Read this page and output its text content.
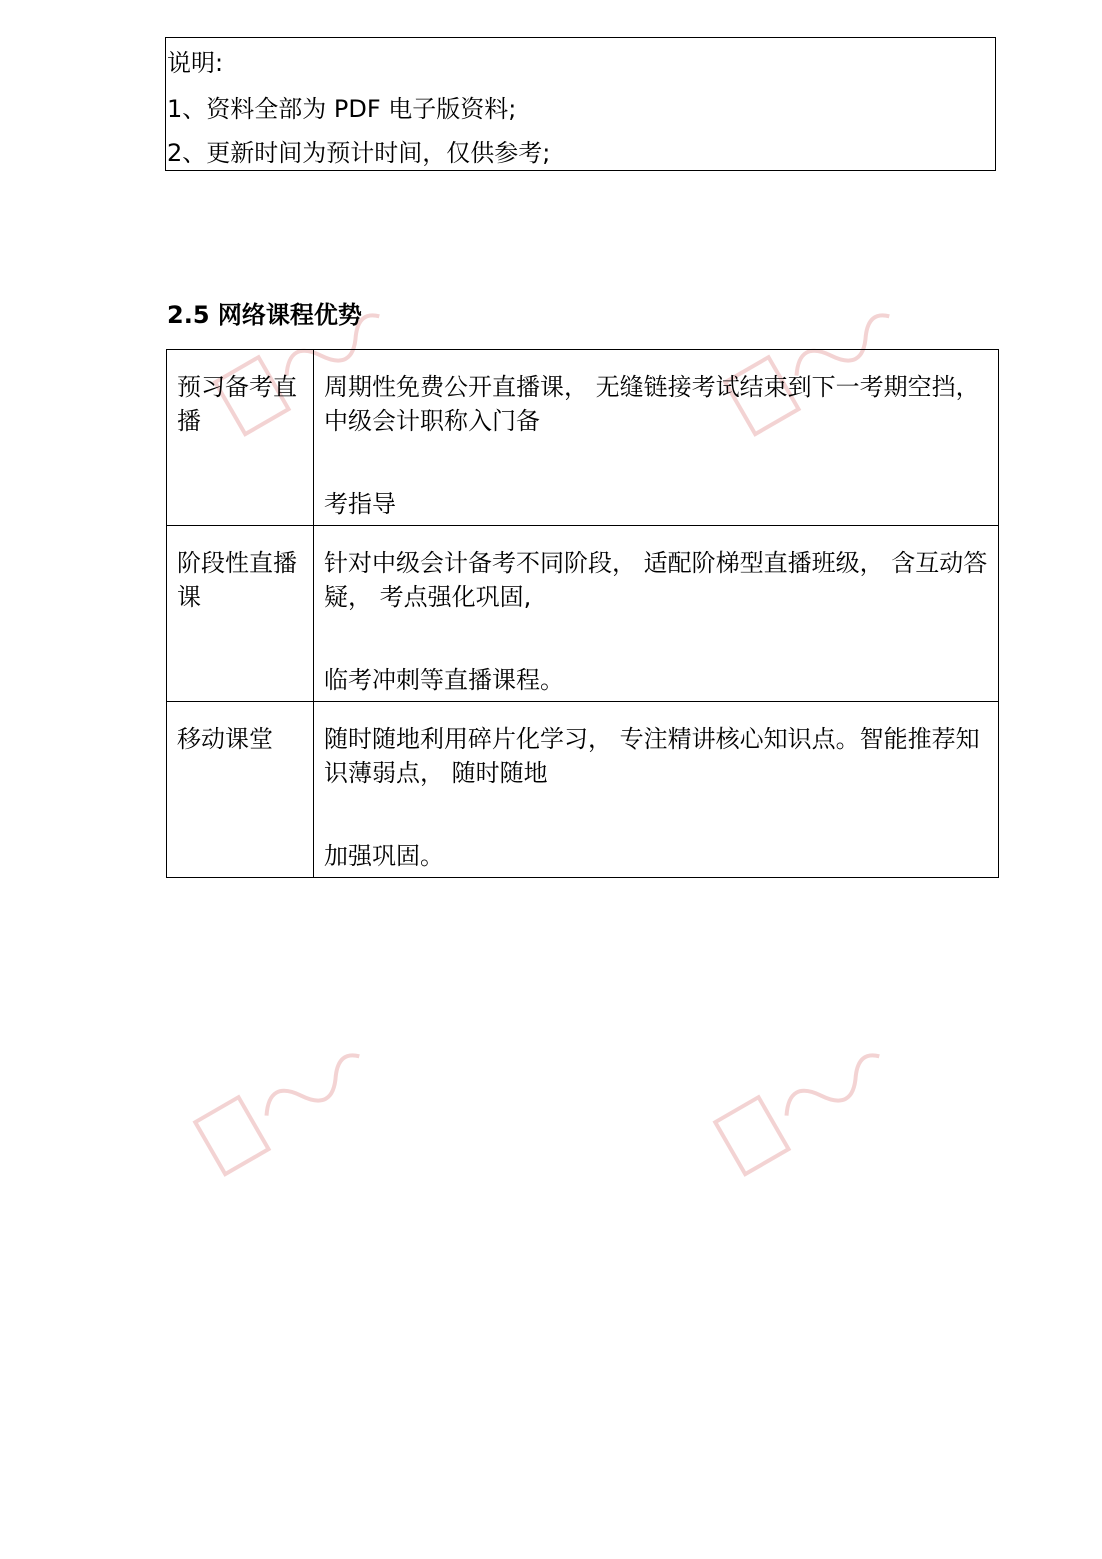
说明:
1、资料全部为 PDF 电子版资料;
2、更新时间为预计时间，仅供参考;
2.5 网络课程优势
预习备考直播	周期性免费公开直播课， 无缝链接考试结束到下一考期空挡， 中级会计职称入门备
考指导

阶段性直播课	针对中级会计备考不同阶段， 适配阶梯型直播班级， 含互动答疑， 考点强化巩固,
临考冲刺等直播课程。

移动课堂	随时随地利用碎片化学习， 专注精讲核心知识点。智能推荐知识薄弱点， 随时随地
加强巩固。
